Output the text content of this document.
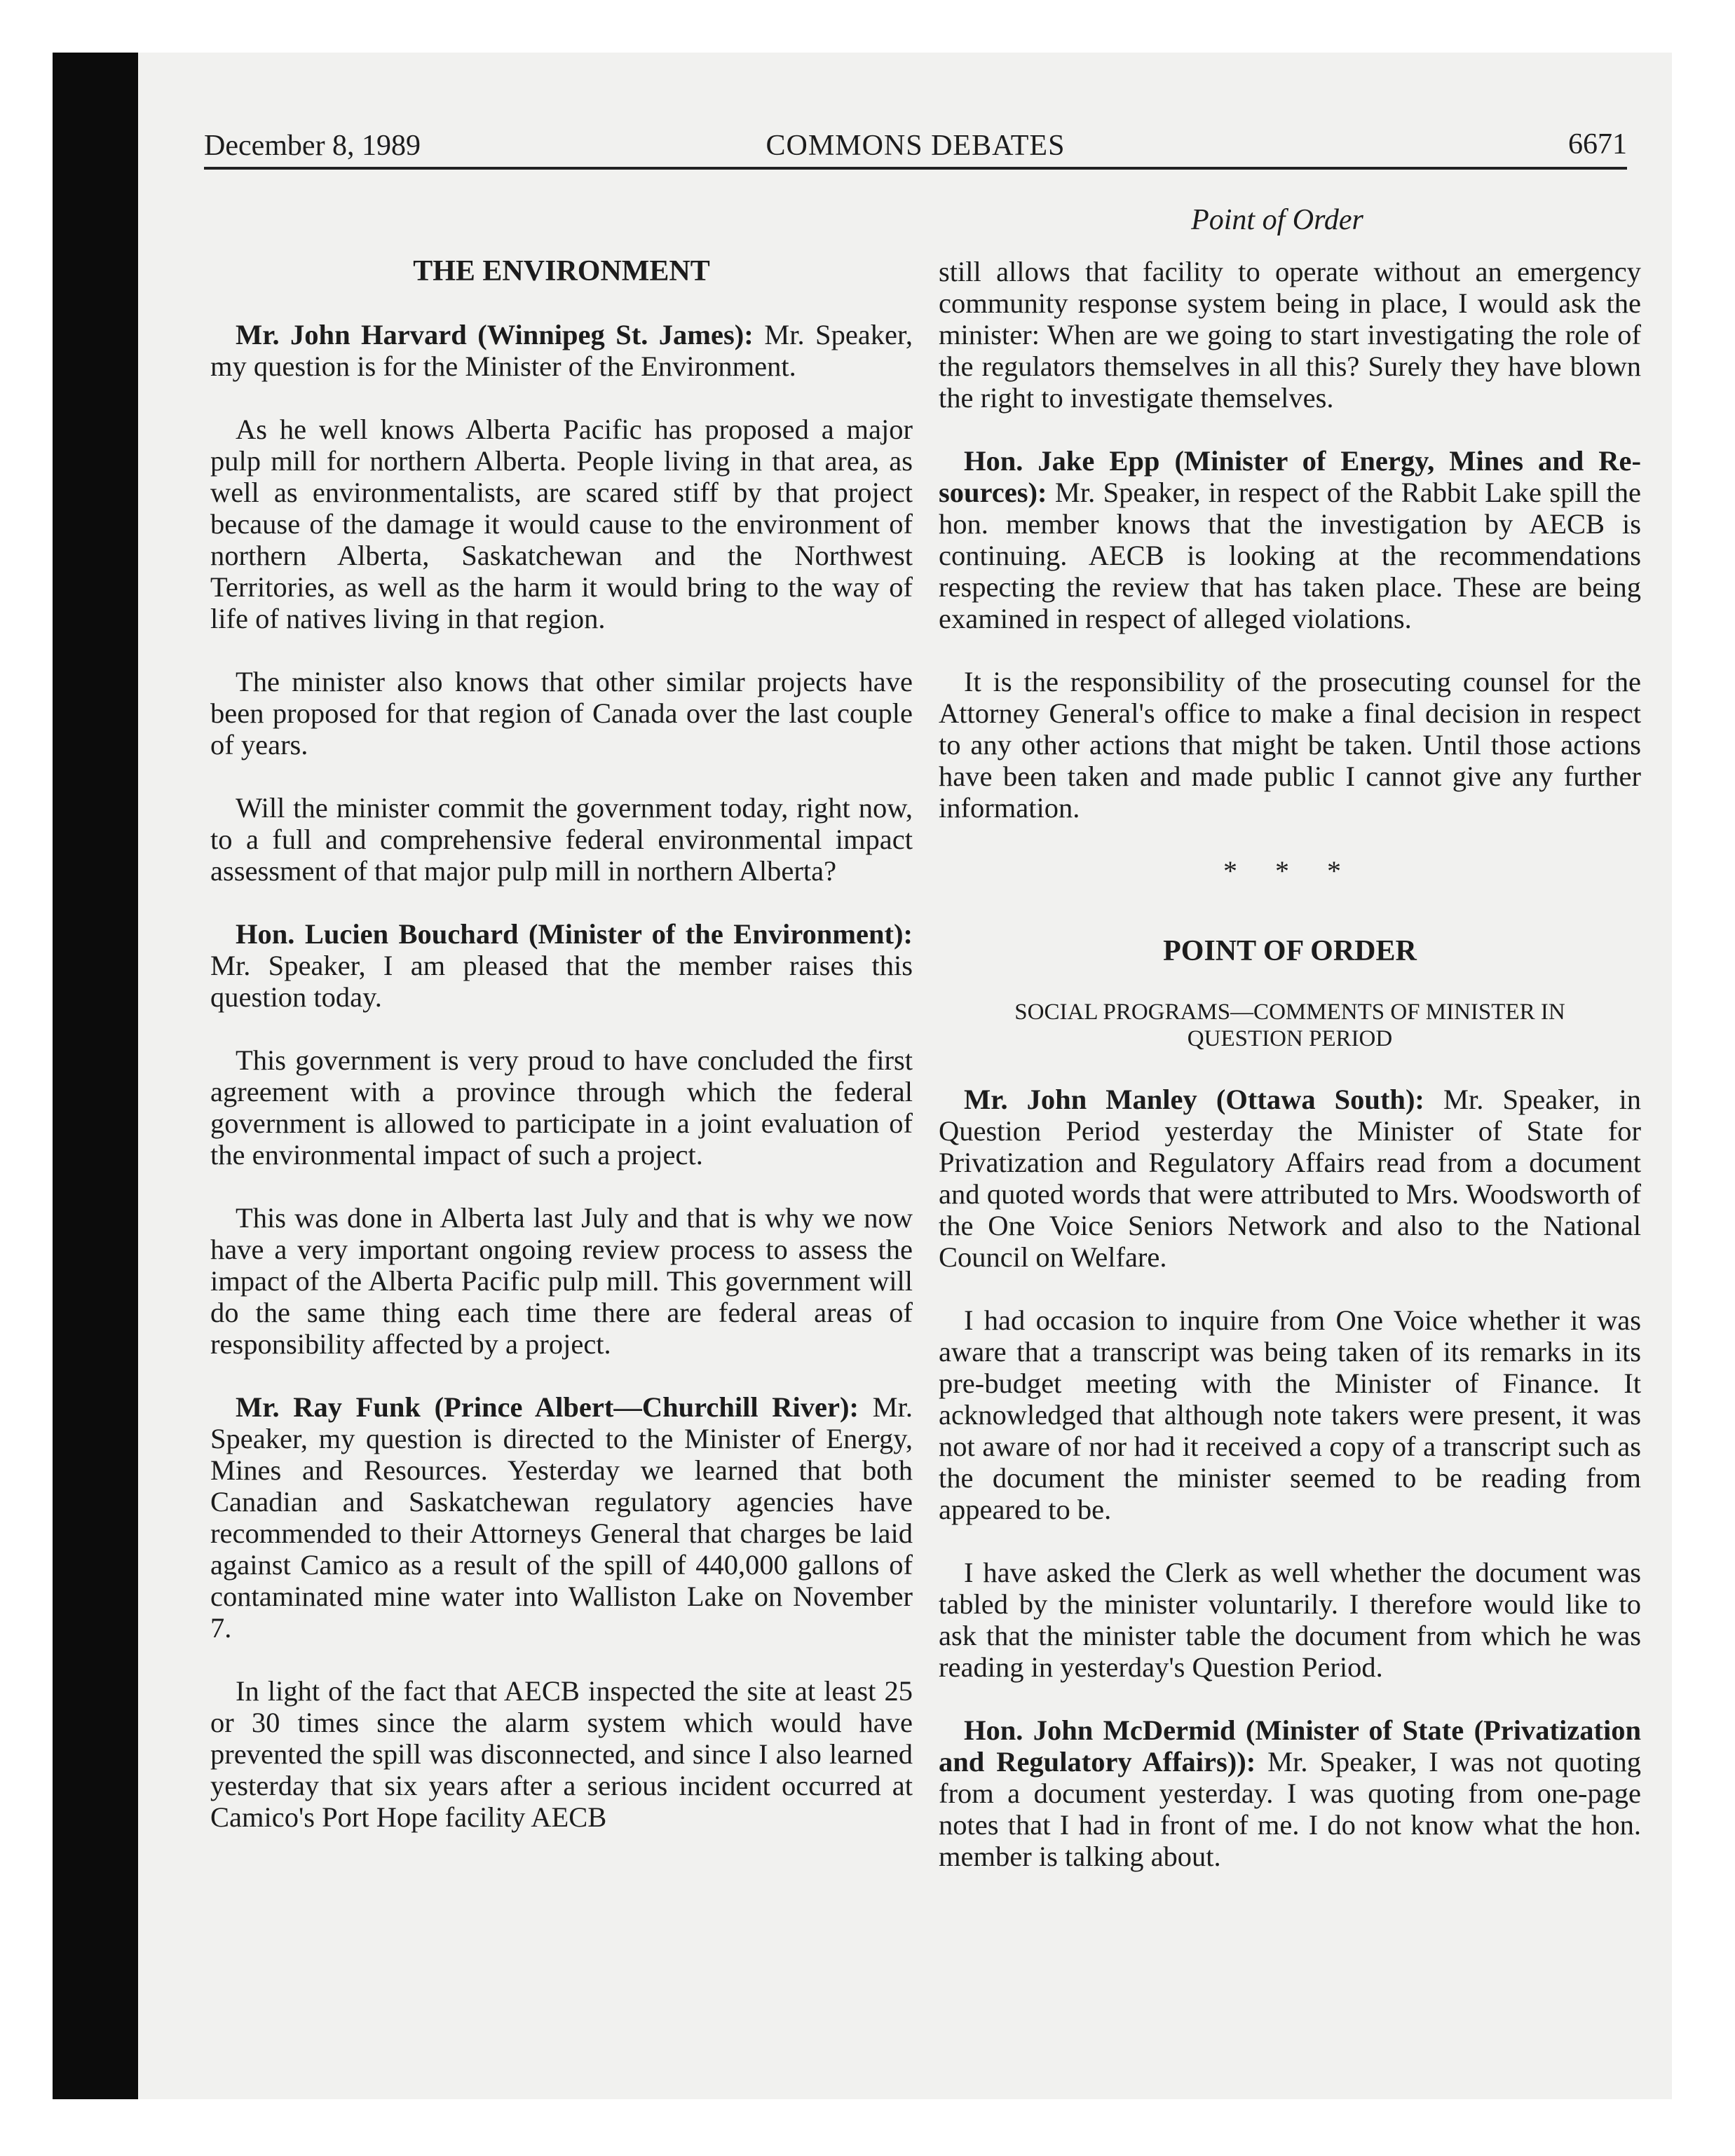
December 8, 1989	COMMONS DEBATES	6671
Point of Order
THE ENVIRONMENT

Mr. John Harvard (Winnipeg St. James): Mr. Speaker, my question is for the Minister of the Environment.

As he well knows Alberta Pacific has proposed a major pulp mill for northern Alberta. People living in that area, as well as environmentalists, are scared stiff by that project because of the damage it would cause to the environment of northern Alberta, Saskatchewan and the Northwest Territories, as well as the harm it would bring to the way of life of natives living in that region.

The minister also knows that other similar projects have been proposed for that region of Canada over the last couple of years.

Will the minister commit the government today, right now, to a full and comprehensive federal environmental impact assessment of that major pulp mill in northern Alberta?

Hon. Lucien Bouchard (Minister of the Environment): Mr. Speaker, I am pleased that the member raises this question today.

This government is very proud to have concluded the first agreement with a province through which the federal government is allowed to participate in a joint evaluation of the environmental impact of such a project.

This was done in Alberta last July and that is why we now have a very important ongoing review process to assess the impact of the Alberta Pacific pulp mill. This government will do the same thing each time there are federal areas of responsibility affected by a project.

Mr. Ray Funk (Prince Albert—Churchill River): Mr. Speaker, my question is directed to the Minister of Energy, Mines and Resources. Yesterday we learned that both Canadian and Saskatchewan regulatory agencies have recommended to their Attorneys General that charges be laid against Camico as a result of the spill of 440,000 gallons of contaminated mine water into Walliston Lake on November 7.

In light of the fact that AECB inspected the site at least 25 or 30 times since the alarm system which would have prevented the spill was disconnected, and since I also learned yesterday that six years after a serious incident occurred at Camico's Port Hope facility AECB

still allows that facility to operate without an emergency community response system being in place, I would ask the minister: When are we going to start investigating the role of the regulators themselves in all this? Surely they have blown the right to investigate themselves.

Hon. Jake Epp (Minister of Energy, Mines and Resources): Mr. Speaker, in respect of the Rabbit Lake spill the hon. member knows that the investigation by AECB is continuing. AECB is looking at the recommendations respecting the review that has taken place. These are being examined in respect of alleged violations.

It is the responsibility of the prosecuting counsel for the Attorney General's office to make a final decision in respect to any other actions that might be taken. Until those actions have been taken and made public I cannot give any further information.

* * *
POINT OF ORDER
SOCIAL PROGRAMS—COMMENTS OF MINISTER IN QUESTION PERIOD

Mr. John Manley (Ottawa South): Mr. Speaker, in Question Period yesterday the Minister of State for Privatization and Regulatory Affairs read from a document and quoted words that were attributed to Mrs. Woodsworth of the One Voice Seniors Network and also to the National Council on Welfare.

I had occasion to inquire from One Voice whether it was aware that a transcript was being taken of its remarks in its pre-budget meeting with the Minister of Finance. It acknowledged that although note takers were present, it was not aware of nor had it received a copy of a transcript such as the document the minister seemed to be reading from appeared to be.

I have asked the Clerk as well whether the document was tabled by the minister voluntarily. I therefore would like to ask that the minister table the document from which he was reading in yesterday's Question Period.

Hon. John McDermid (Minister of State (Privatization and Regulatory Affairs)): Mr. Speaker, I was not quoting from a document yesterday. I was quoting from one-page notes that I had in front of me. I do not know what the hon. member is talking about.
